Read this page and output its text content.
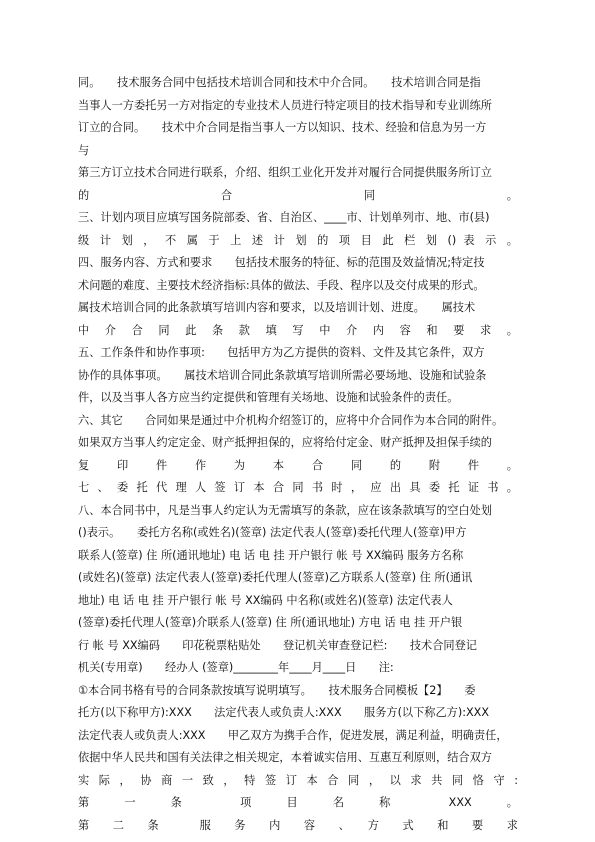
同。　　技术服务合同中包括技术培训合同和技术中介合同。　　技术培训合同是指
当事人一方委托另一方对指定的专业技术人员进行特定项目的技术指导和专业训练所
订立的合同。　　技术中介合同是指当事人一方以知识、技术、经验和信息为另一方
与
第三方订立技术合同进行联系，介绍、组织工业化开发并对履行合同提供服务所订立
的　合　同　。
三、计划内项目应填写国务院部委、省、自治区、____市、计划单列市、地、市(县)
级 计 划 ， 不 属 于 上 述 计 划 的 项 目 此 栏 划 () 表 示 。
四、服务内容、方式和要求　　包括技术服务的特征、标的范围及效益情况;特定技
术问题的难度、主要技术经济指标:具体的做法、手段、程序以及交付成果的形式。
属技术培训合同的此条款填写培训内容和要求，以及培训计划、进度。　　属技术
中 介 合 同 此 条 款 填 写 中 介 内 容 和 要 求 。
五、工作条件和协作事项:　　包括甲方为乙方提供的资料、文件及其它条件，双方
协作的具体事项。　　属技术培训合同此条款填写培训所需必要场地、设施和试验条
件，以及当事人各方应当约定提供和管理有关场地、设施和试验条件的责任。
六、其它　　合同如果是通过中介机构介绍签订的，应将中介合同作为本合同的附件。
如果双方当事人约定定金、财产抵押担保的，应将给付定金、财产抵押及担保手续的
复 印 件 作 为 本 合 同 的 附 件 。
七 、 委 托 代 理 人 签 订 本 合 同 书 时 ， 应 出 具 委 托 证 书 。
八、本合同书中，凡是当事人约定认为无需填写的条款，应在该条款填写的空白处划
()表示。　　委托方名称(或姓名)(签章) 法定代表人(签章)委托代理人(签章)甲方
联系人(签章) 住 所(通讯地址) 电 话 电 挂 开户银行 帐 号 XX编码 服务方名称
(或姓名)(签章) 法定代表人(签章)委托代理人(签章)乙方联系人(签章) 住 所(通讯
地址) 电 话 电 挂 开户银行 帐 号 XX编码 中名称(或姓名)(签章) 法定代表人
(签章)委托代理人(签章)介联系人(签章) 住 所(通讯地址) 方电 话 电 挂 开户银
行 帐 号 XX编码　　印花税票粘贴处　　登记机关审查登记栏:　　技术合同登记
机关(专用章)　　经办人 (签章)________年____月____日　　注:
①本合同书格有号的合同条款按填写说明填写。　　技术服务合同模板【2】　　委
托方(以下称甲方):XXX　　法定代表人或负责人:XXX　　服务方(以下称乙方):XXX
法定代表人或负责人:XXX　　甲乙双方为携手合作，促进发展，满足利益，明确责任，
依据中华人民共和国有关法律之相关规定，本着诚实信用、互惠互利原则，结合双方
实 际 ， 协 商 一 致 ， 特 签 订 本 合 同 ， 以 求 共 同 恪 守 :
第　一　条　　项　目　名　称　　XXX　。
第　二　条　　服　务　内　容　、　方　式　和　要　求
